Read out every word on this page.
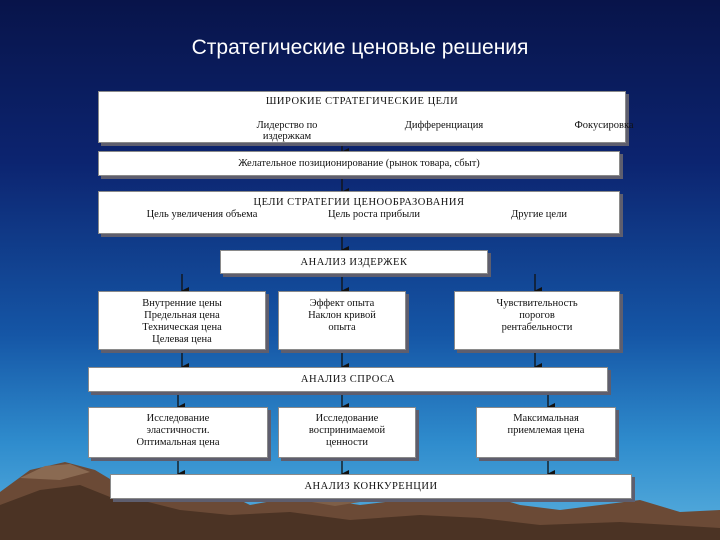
Стратегические ценовые решения
ШИРОКИЕ СТРАТЕГИЧЕСКИЕ ЦЕЛИ
Лидерство по издержкам
Дифференциация	Фокусировка
Желательное позиционирование (рынок товара, сбыт)
ЦЕЛИ СТРАТЕГИИ ЦЕНООБРАЗОВАНИЯ
Цель увеличения объема	Цель роста прибыли	Другие цели
АНАЛИЗ ИЗДЕРЖЕК
Внутренние цены
Предельная цена
Техническая цена
Целевая цена
Эффект опыта
Наклон кривой
опыта
Чувствительность
порогов
рентабельности
АНАЛИЗ СПРОСА
Исследование
эластичности.
Оптимальная цена
Исследование
воспринимаемой
ценности
Максимальная
приемлемая цена
АНАЛИЗ КОНКУРЕНЦИИ
